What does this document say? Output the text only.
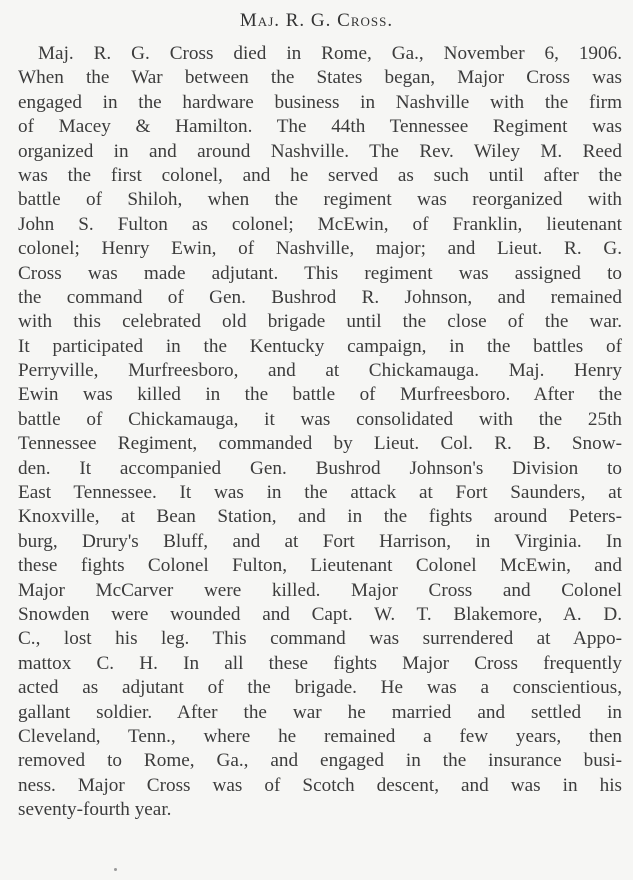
Maj. R. G. Cross.
Maj. R. G. Cross died in Rome, Ga., November 6, 1906.
When the War between the States began, Major Cross was
engaged in the hardware business in Nashville with the firm
of Macey & Hamilton. The 44th Tennessee Regiment was
organized in and around Nashville. The Rev. Wiley M. Reed
was the first colonel, and he served as such until after the
battle of Shiloh, when the regiment was reorganized with
John S. Fulton as colonel; McEwin, of Franklin, lieutenant
colonel; Henry Ewin, of Nashville, major; and Lieut. R. G.
Cross was made adjutant. This regiment was assigned to
the command of Gen. Bushrod R. Johnson, and remained
with this celebrated old brigade until the close of the war.
It participated in the Kentucky campaign, in the battles of
Perryville, Murfreesboro, and at Chickamauga. Maj. Henry
Ewin was killed in the battle of Murfreesboro. After the
battle of Chickamauga, it was consolidated with the 25th
Tennessee Regiment, commanded by Lieut. Col. R. B. Snow-
den. It accompanied Gen. Bushrod Johnson's Division to
East Tennessee. It was in the attack at Fort Saunders, at
Knoxville, at Bean Station, and in the fights around Peters-
burg, Drury's Bluff, and at Fort Harrison, in Virginia. In
these fights Colonel Fulton, Lieutenant Colonel McEwin, and
Major McCarver were killed. Major Cross and Colonel
Snowden were wounded and Capt. W. T. Blakemore, A. D.
C., lost his leg. This command was surrendered at Appo-
mattox C. H. In all these fights Major Cross frequently
acted as adjutant of the brigade. He was a conscientious,
gallant soldier. After the war he married and settled in
Cleveland, Tenn., where he remained a few years, then
removed to Rome, Ga., and engaged in the insurance busi-
ness. Major Cross was of Scotch descent, and was in his
seventy-fourth year.
